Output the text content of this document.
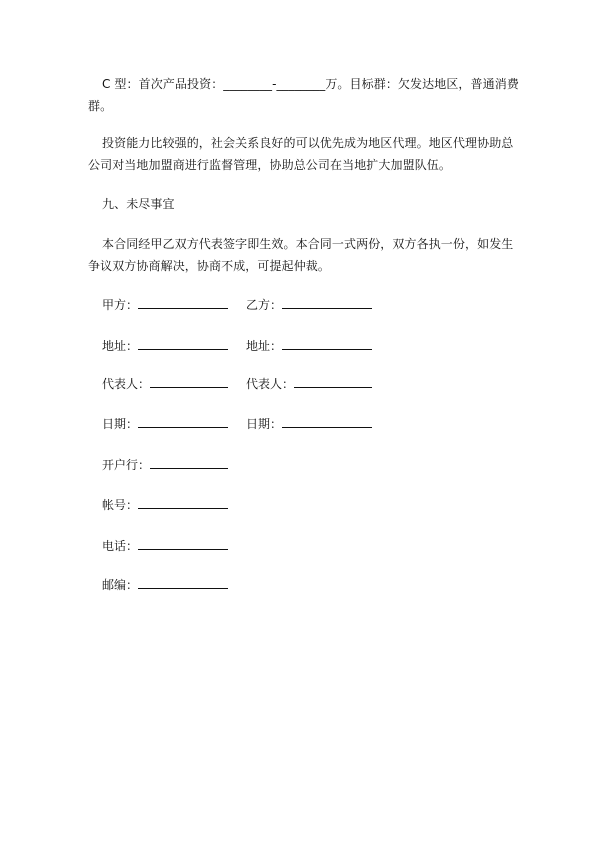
C 型：首次产品投资：________-________万。目标群：欠发达地区，普通消费群。

投资能力比较强的，社会关系良好的可以优先成为地区代理。地区代理协助总公司对当地加盟商进行监督管理，协助总公司在当地扩大加盟队伍。

九、未尽事宜

本合同经甲乙双方代表签字即生效。本合同一式两份，双方各执一份，如发生争议双方协商解决，协商不成，可提起仲裁。

甲方：	乙方：
地址：	地址：
代表人：	代表人：
日期：	日期：
开户行：
帐号：
电话：
邮编：
